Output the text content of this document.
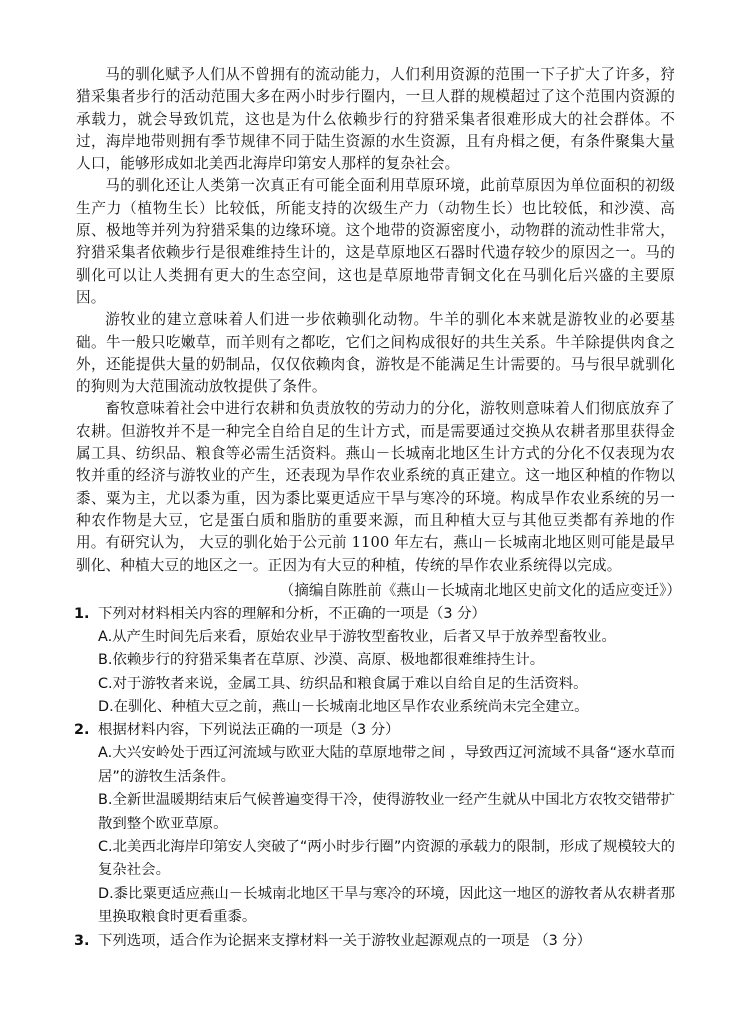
马的驯化赋予人们从不曾拥有的流动能力，人们利用资源的范围一下子扩大了许多，狩猎采集者步行的活动范围大多在两小时步行圈内，一旦人群的规模超过了这个范围内资源的承载力，就会导致饥荒，这也是为什么依赖步行的狩猎采集者很难形成大的社会群体。不过，海岸地带则拥有季节规律不同于陆生资源的水生资源，且有舟楫之便，有条件聚集大量人口，能够形成如北美西北海岸印第安人那样的复杂社会。

马的驯化还让人类第一次真正有可能全面利用草原环境，此前草原因为单位面积的初级生产力（植物生长）比较低，所能支持的次级生产力（动物生长）也比较低，和沙漠、高原、极地等并列为狩猎采集的边缘环境。这个地带的资源密度小，动物群的流动性非常大，狩猎采集者依赖步行是很难维持生计的，这是草原地区石器时代遗存较少的原因之一。马的驯化可以让人类拥有更大的生态空间，这也是草原地带青铜文化在马驯化后兴盛的主要原因。

游牧业的建立意味着人们进一步依赖驯化动物。牛羊的驯化本来就是游牧业的必要基础。牛一般只吃嫩草，而羊则有之都吃，它们之间构成很好的共生关系。牛羊除提供肉食之外，还能提供大量的奶制品，仅仅依赖肉食，游牧是不能满足生计需要的。马与很早就驯化的狗则为大范围流动放牧提供了条件。

畜牧意味着社会中进行农耕和负责放牧的劳动力的分化，游牧则意味着人们彻底放弃了农耕。但游牧并不是一种完全自给自足的生计方式，而是需要通过交换从农耕者那里获得金属工具、纺织品、粮食等必需生活资料。燕山－长城南北地区生计方式的分化不仅表现为农牧并重的经济与游牧业的产生，还表现为旱作农业系统的真正建立。这一地区种植的作物以黍、粟为主，尤以黍为重，因为黍比粟更适应干旱与寒冷的环境。构成旱作农业系统的另一种农作物是大豆，它是蛋白质和脂肪的重要来源，而且种植大豆与其他豆类都有养地的作用。有研究认为， 大豆的驯化始于公元前 1100 年左右，燕山－长城南北地区则可能是最早驯化、种植大豆的地区之一。正因为有大豆的种植，传统的旱作农业系统得以完成。

（摘编自陈胜前《燕山－长城南北地区史前文化的适应变迁》）
1. 下列对材料相关内容的理解和分析，不正确的一项是（3 分）
A.从产生时间先后来看，原始农业早于游牧型畜牧业，后者又早于放养型畜牧业。
B.依赖步行的狩猎采集者在草原、沙漠、高原、极地都很难维持生计。
C.对于游牧者来说，金属工具、纺织品和粮食属于难以自给自足的生活资料。
D.在驯化、种植大豆之前，燕山－长城南北地区旱作农业系统尚未完全建立。
2. 根据材料内容，下列说法正确的一项是（3 分）
A.大兴安岭处于西辽河流域与欧亚大陆的草原地带之间 ，导致西辽河流域不具备“逐水草而居”的游牧生活条件。
B.全新世温暖期结束后气候普遍变得干冷，使得游牧业一经产生就从中国北方农牧交错带扩散到整个欧亚草原。
C.北美西北海岸印第安人突破了“两小时步行圈”内资源的承载力的限制，形成了规模较大的复杂社会。
D.黍比粟更适应燕山－长城南北地区干旱与寒冷的环境，因此这一地区的游牧者从农耕者那里换取粮食时更看重黍。
3. 下列选项，适合作为论据来支撑材料一关于游牧业起源观点的一项是 （3 分）
